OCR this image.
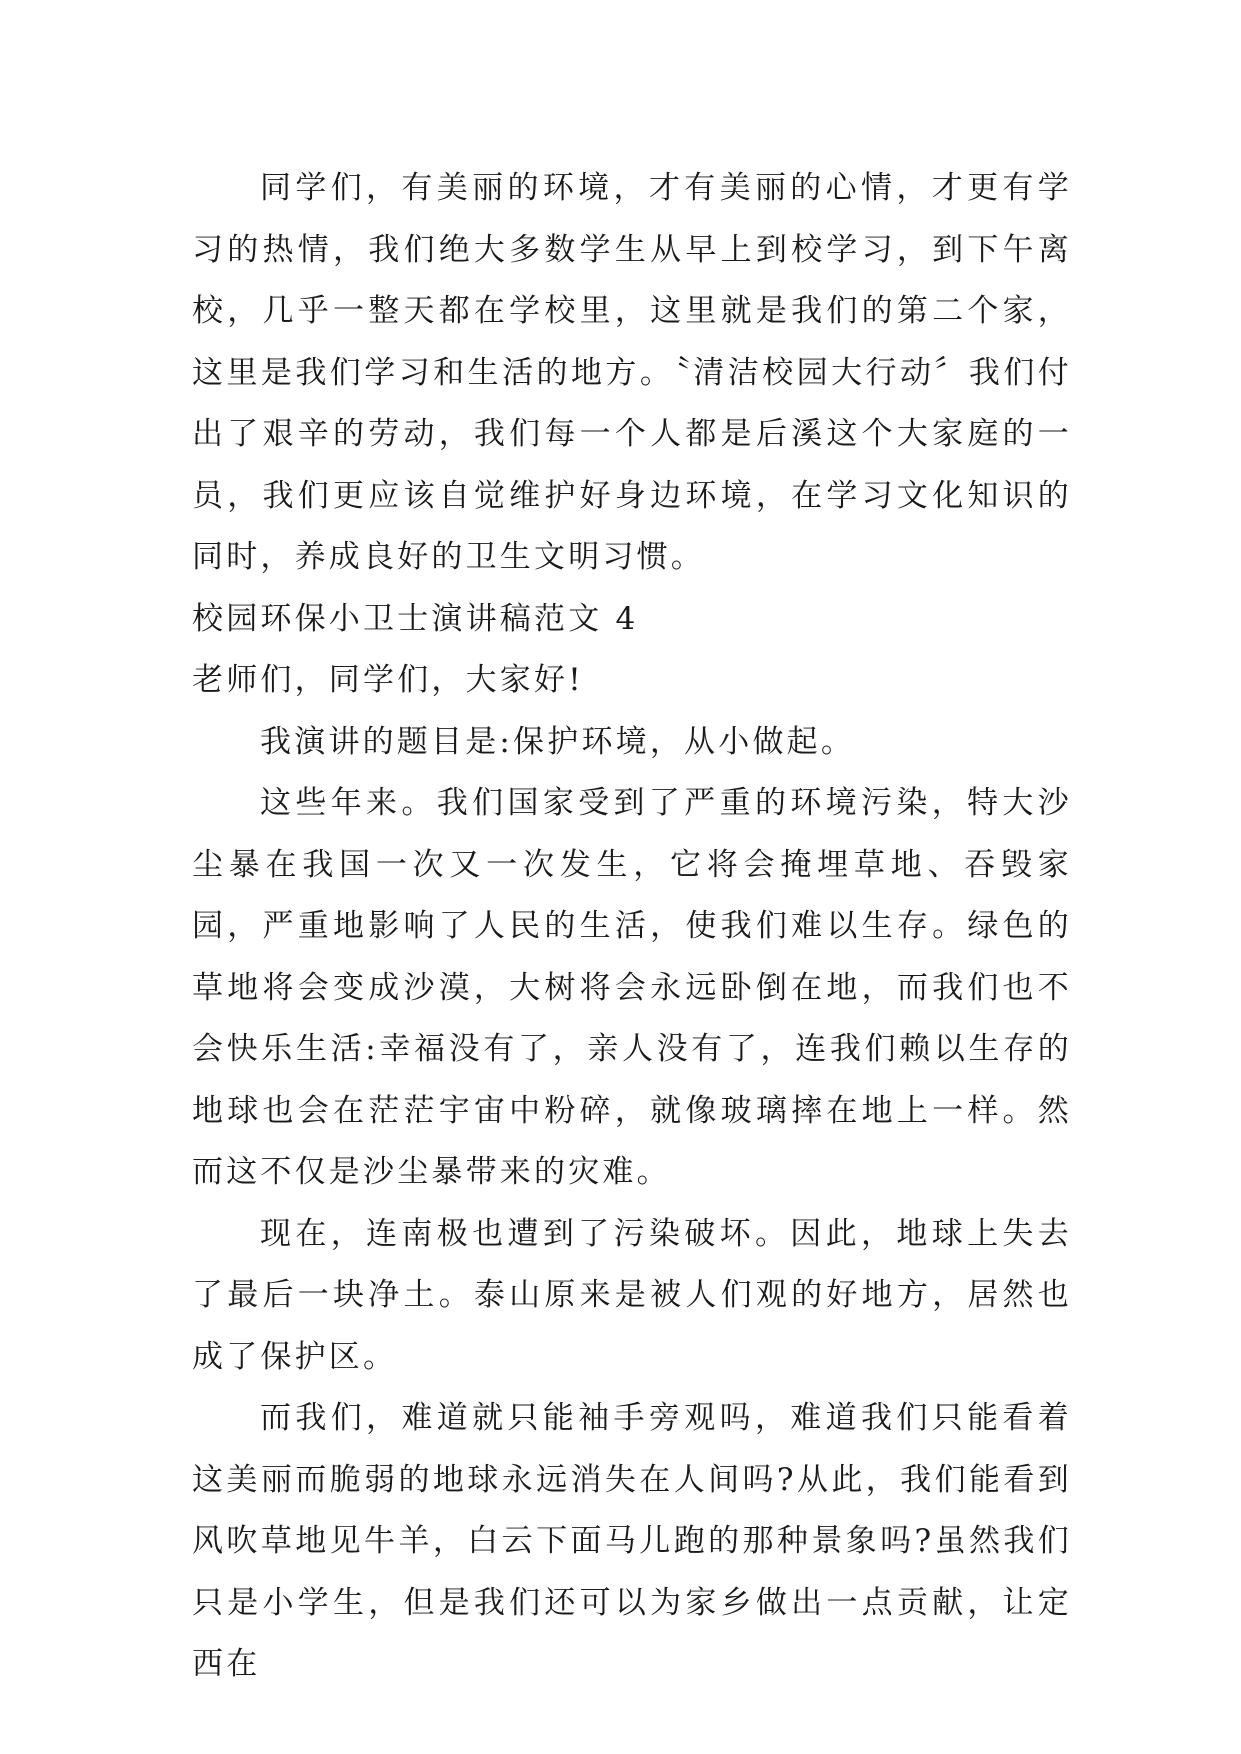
同学们，有美丽的环境，才有美丽的心情，才更有学习的热情，我们绝大多数学生从早上到校学习，到下午离校，几乎一整天都在学校里，这里就是我们的第二个家，这里是我们学习和生活的地方。〝清洁校园大行动〞我们付出了艰辛的劳动，我们每一个人都是后溪这个大家庭的一员，我们更应该自觉维护好身边环境，在学习文化知识的同时，养成良好的卫生文明习惯。

校园环保小卫士演讲稿范文 4

老师们，同学们，大家好!

我演讲的题目是:保护环境，从小做起。

这些年来。我们国家受到了严重的环境污染，特大沙尘暴在我国一次又一次发生，它将会掩埋草地、吞毁家园，严重地影响了人民的生活，使我们难以生存。绿色的草地将会变成沙漠，大树将会永远卧倒在地，而我们也不会快乐生活:幸福没有了，亲人没有了，连我们赖以生存的地球也会在茫茫宇宙中粉碎，就像玻璃摔在地上一样。然而这不仅是沙尘暴带来的灾难。

现在，连南极也遭到了污染破坏。因此，地球上失去了最后一块净土。泰山原来是被人们观的好地方，居然也成了保护区。

而我们，难道就只能袖手旁观吗，难道我们只能看着这美丽而脆弱的地球永远消失在人间吗?从此，我们能看到风吹草地见牛羊，白云下面马儿跑的那种景象吗?虽然我们只是小学生，但是我们还可以为家乡做出一点贡献，让定西在
